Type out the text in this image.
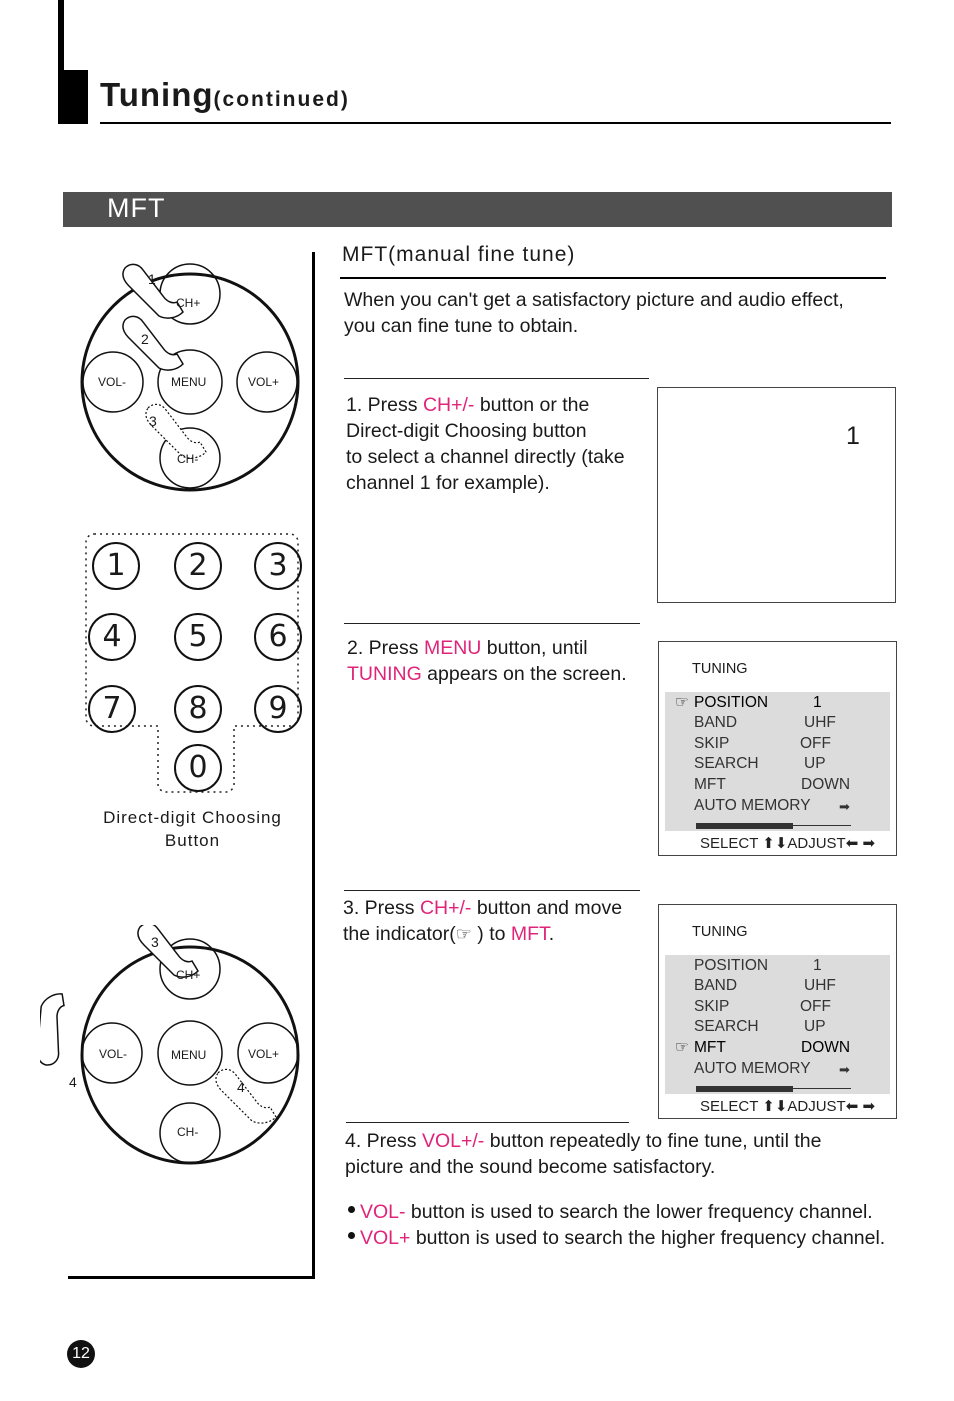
Tuning(continued)
MFT
MFT(manual fine tune)
When you can't get a satisfactory picture and audio effect,
you can fine tune to obtain.
1
2
3
CH+
CH-
VOL-	VOL+
MENU
1	2	3
4	5	6
7	8	9
0
Direct-digit Choosing
Button
3
4	4
CH+
CH-
VOL-	VOL+
MENU
1. Press CH+/- button or the
Direct-digit Choosing button
to select a channel directly (take
channel 1 for example).
1
2. Press MENU button, until
TUNING appears on the screen.	TUNING
☞ POSITION	1
BAND	UHF
SKIP	OFF
SEARCH	UP
MFT	DOWN
AUTO MEMORY ➡
SELECT ⬆⬇ADJUST⬅ ➡
3. Press CH+/- button and move
the indicator(☞ ) to MFT.	TUNING
POSITION	1
BAND	UHF
SKIP	OFF
SEARCH	UP
☞ MFT	DOWN
AUTO MEMORY ➡
SELECT ⬆⬇ADJUST⬅ ➡
4. Press VOL+/- button repeatedly to fine tune, until the
picture and the sound become satisfactory.
VOL- button is used to search the lower frequency channel.
VOL+ button is used to search the higher frequency channel.
12
